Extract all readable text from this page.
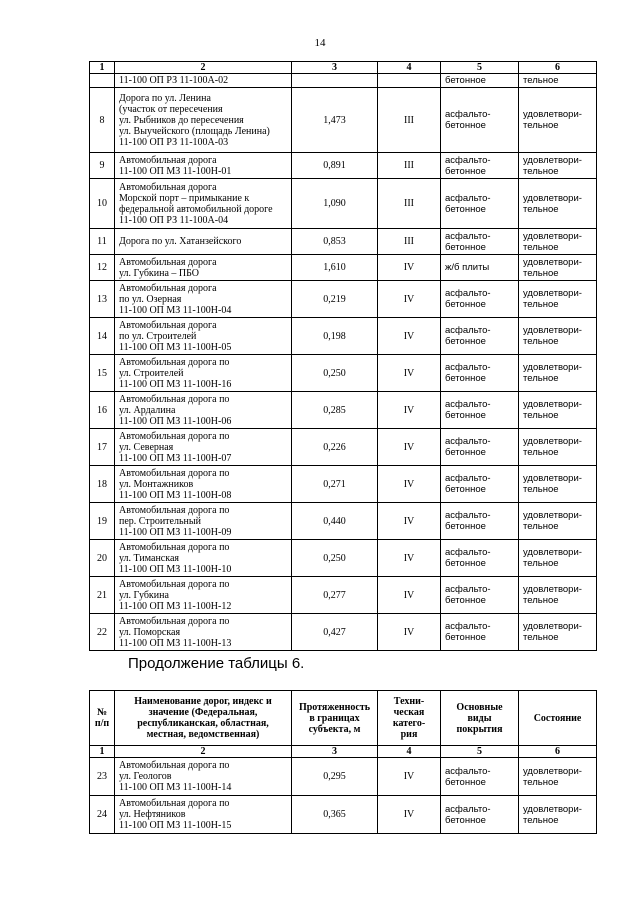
14
1	2	3	4	5	6
	11-100 ОП РЗ 11-100А-02			бетонное	тельное
8	Дорога по ул. Ленина
(участок от пересечения
ул. Рыбников до пересечения
ул. Выучейского (площадь Ленина)
11-100 ОП РЗ 11-100А-03	1,473	III	асфальто-
бетонное	удовлетвори-
тельное
9	Автомобильная дорога
11-100 ОП МЗ 11-100Н-01	0,891	III	асфальто-
бетонное	удовлетвори-
тельное
10	Автомобильная дорога
Морской порт – примыкание к
федеральной автомобильной дороге
11-100 ОП РЗ 11-100А-04	1,090	III	асфальто-
бетонное	удовлетвори-
тельное
11	Дорога по ул. Хатанзейского	0,853	III	асфальто-
бетонное	удовлетвори-
тельное
12	Автомобильная дорога
ул. Губкина – ПБО	1,610	IV	ж/б плиты	удовлетвори-
тельное
13	Автомобильная дорога
по ул. Озерная
11-100 ОП МЗ 11-100Н-04	0,219	IV	асфальто-
бетонное	удовлетвори-
тельное
14	Автомобильная дорога
по ул. Строителей
11-100 ОП МЗ 11-100Н-05	0,198	IV	асфальто-
бетонное	удовлетвори-
тельное
15	Автомобильная дорога по
ул. Строителей
11-100 ОП МЗ 11-100Н-16	0,250	IV	асфальто-
бетонное	удовлетвори-
тельное
16	Автомобильная дорога по
ул. Ардалина
11-100 ОП МЗ 11-100Н-06	0,285	IV	асфальто-
бетонное	удовлетвори-
тельное
17	Автомобильная дорога по
ул. Северная
11-100 ОП МЗ 11-100Н-07	0,226	IV	асфальто-
бетонное	удовлетвори-
тельное
18	Автомобильная дорога по
ул. Монтажников
11-100 ОП МЗ 11-100Н-08	0,271	IV	асфальто-
бетонное	удовлетвори-
тельное
19	Автомобильная дорога по
пер. Строительный
11-100 ОП МЗ 11-100Н-09	0,440	IV	асфальто-
бетонное	удовлетвори-
тельное
20	Автомобильная дорога по
ул. Тиманская
11-100 ОП МЗ 11-100Н-10	0,250	IV	асфальто-
бетонное	удовлетвори-
тельное
21	Автомобильная дорога по
ул. Губкина
11-100 ОП МЗ 11-100Н-12	0,277	IV	асфальто-
бетонное	удовлетвори-
тельное
22	Автомобильная дорога по
ул. Поморская
11-100 ОП МЗ 11-100Н-13	0,427	IV	асфальто-
бетонное	удовлетвори-
тельное
Продолжение таблицы 6.
№
п/п	Наименование дорог, индекс и
значение (Федеральная,
республиканская, областная,
местная, ведомственная)	Протяженность
в границах
субъекта, м	Техни-
ческая
катего-
рия	Основные
виды
покрытия	Состояние
1	2	3	4	5	6
23	Автомобильная дорога по
ул. Геологов
11-100 ОП МЗ 11-100Н-14	0,295	IV	асфальто-
бетонное	удовлетвори-
тельное
24	Автомобильная дорога по
ул. Нефтяников
11-100 ОП МЗ 11-100Н-15	0,365	IV	асфальто-
бетонное	удовлетвори-
тельное
